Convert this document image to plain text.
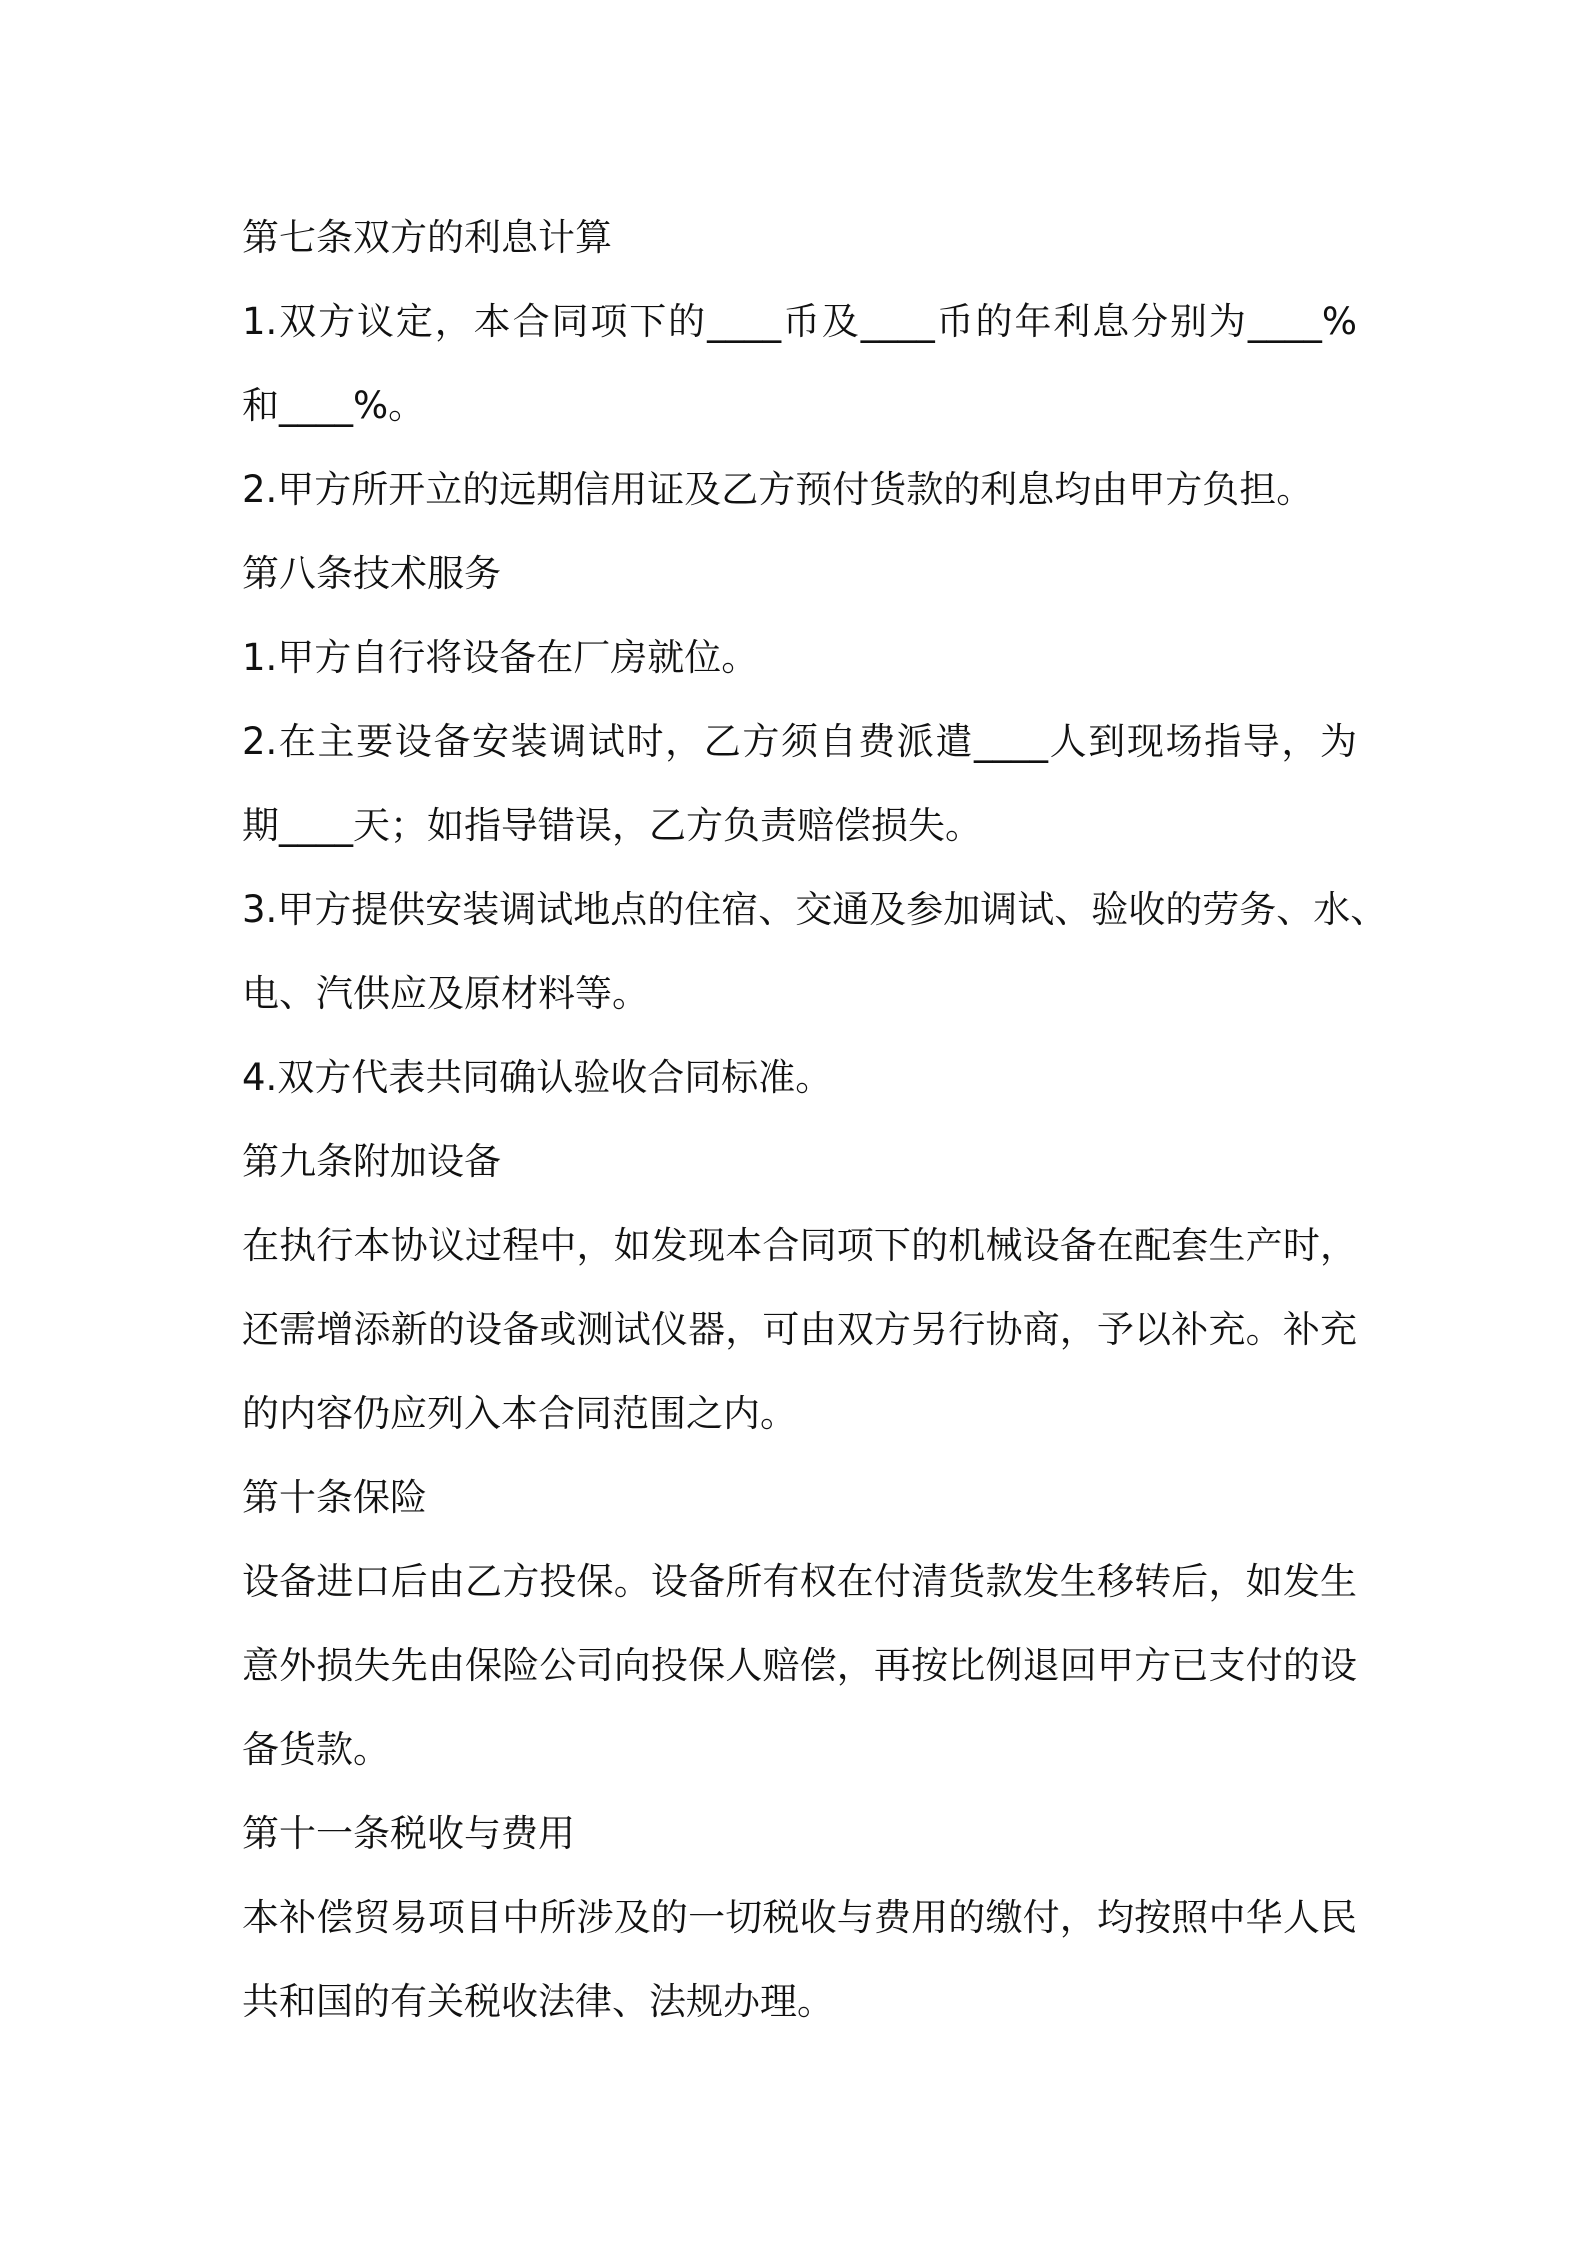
第七条双方的利息计算
1.双方议定，本合同项下的____币及____币的年利息分别为____%
和____%。
2.甲方所开立的远期信用证及乙方预付货款的利息均由甲方负担。
第八条技术服务
1.甲方自行将设备在厂房就位。
2.在主要设备安装调试时，乙方须自费派遣____人到现场指导，为
期____天；如指导错误，乙方负责赔偿损失。
3.甲方提供安装调试地点的住宿、交通及参加调试、验收的劳务、水、
电、汽供应及原材料等。
4.双方代表共同确认验收合同标准。
第九条附加设备
在执行本协议过程中，如发现本合同项下的机械设备在配套生产时，
还需增添新的设备或测试仪器，可由双方另行协商，予以补充。补充
的内容仍应列入本合同范围之内。
第十条保险
设备进口后由乙方投保。设备所有权在付清货款发生移转后，如发生
意外损失先由保险公司向投保人赔偿，再按比例退回甲方已支付的设
备货款。
第十一条税收与费用
本补偿贸易项目中所涉及的一切税收与费用的缴付，均按照中华人民
共和国的有关税收法律、法规办理。
